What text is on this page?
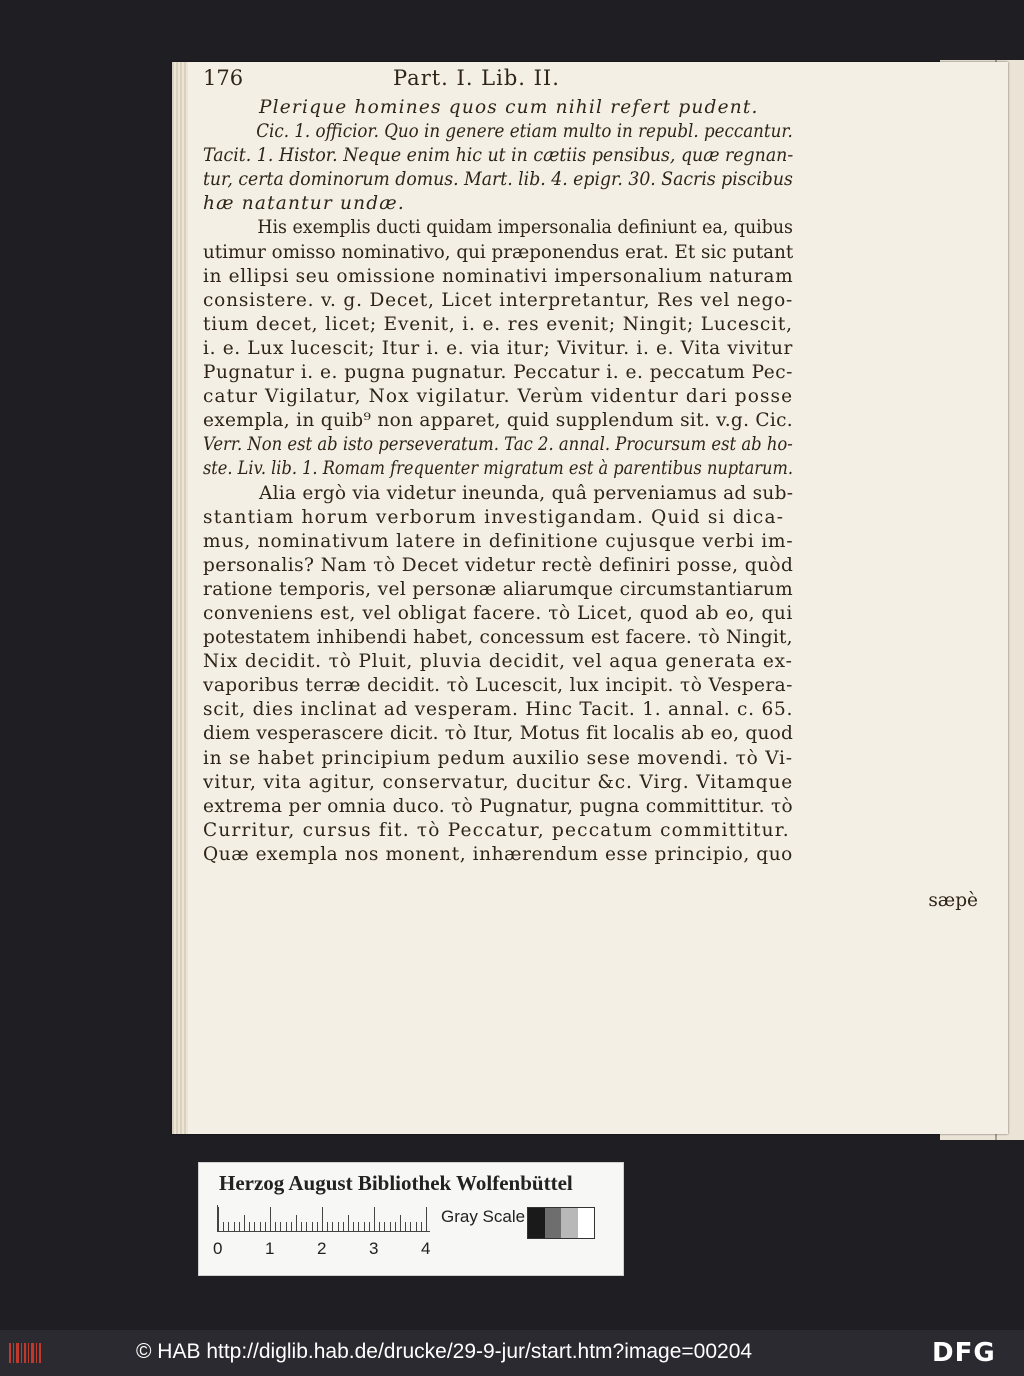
176	Part. I. Lib. II.

Plerique homines quos cum nihil refert pudent.

Cic. 1. officior. Quo in genere etiam multo in republ. peccantur.

Tacit. 1. Histor. Neque enim hic ut in cætiis pensibus, quæ regnan-

tur, certa dominorum domus. Mart. lib. 4. epigr. 30. Sacris piscibus

hæ natantur undæ.

His exemplis ducti quidam impersonalia definiunt ea, quibus

utimur omisso nominativo, qui præponendus erat. Et sic putant

in ellipsi seu omissione nominativi impersonalium naturam

consistere. v. g. Decet, Licet interpretantur, Res vel nego-

tium decet, licet; Evenit, i. e. res evenit; Ningit; Lucescit,

i. e. Lux lucescit; Itur i. e. via itur; Vivitur. i. e. Vita vivitur

Pugnatur i. e. pugna pugnatur. Peccatur i. e. peccatum Pec-

catur Vigilatur, Nox vigilatur. Verùm videntur dari posse

exempla, in quib⁹ non apparet, quid supplendum sit. v.g. Cic.

Verr. Non est ab isto perseveratum. Tac 2. annal. Procursum est ab ho-

ste. Liv. lib. 1. Romam frequenter migratum est à parentibus nuptarum.

Alia ergò via videtur ineunda, quâ perveniamus ad sub-

stantiam horum verborum investigandam. Quid si dica-

mus, nominativum latere in definitione cujusque verbi im-

personalis? Nam τὸ Decet videtur rectè definiri posse, quòd

ratione temporis, vel personæ aliarumque circumstantiarum

conveniens est, vel obligat facere. τὸ Licet, quod ab eo, qui

potestatem inhibendi habet, concessum est facere. τὸ Ningit,

Nix decidit. τὸ Pluit, pluvia decidit, vel aqua generata ex-

vaporibus terræ decidit. τὸ Lucescit, lux incipit. τὸ Vespera-

scit, dies inclinat ad vesperam. Hinc Tacit. 1. annal. c. 65.

diem vesperascere dicit. τὸ Itur, Motus fit localis ab eo, quod

in se habet principium pedum auxilio sese movendi. τὸ Vi-

vitur, vita agitur, conservatur, ducitur &c. Virg. Vitamque

extrema per omnia duco. τὸ Pugnatur, pugna committitur. τὸ

Curritur, cursus fit. τὸ Peccatur, peccatum committitur.

Quæ exempla nos monent, inhærendum esse principio, quo

sæpè
Herzog August Bibliothek Wolfenbüttel
0	1	2	3	4
Gray Scale
© HAB http://diglib.hab.de/drucke/29-9-jur/start.htm?image=00204	DFG
